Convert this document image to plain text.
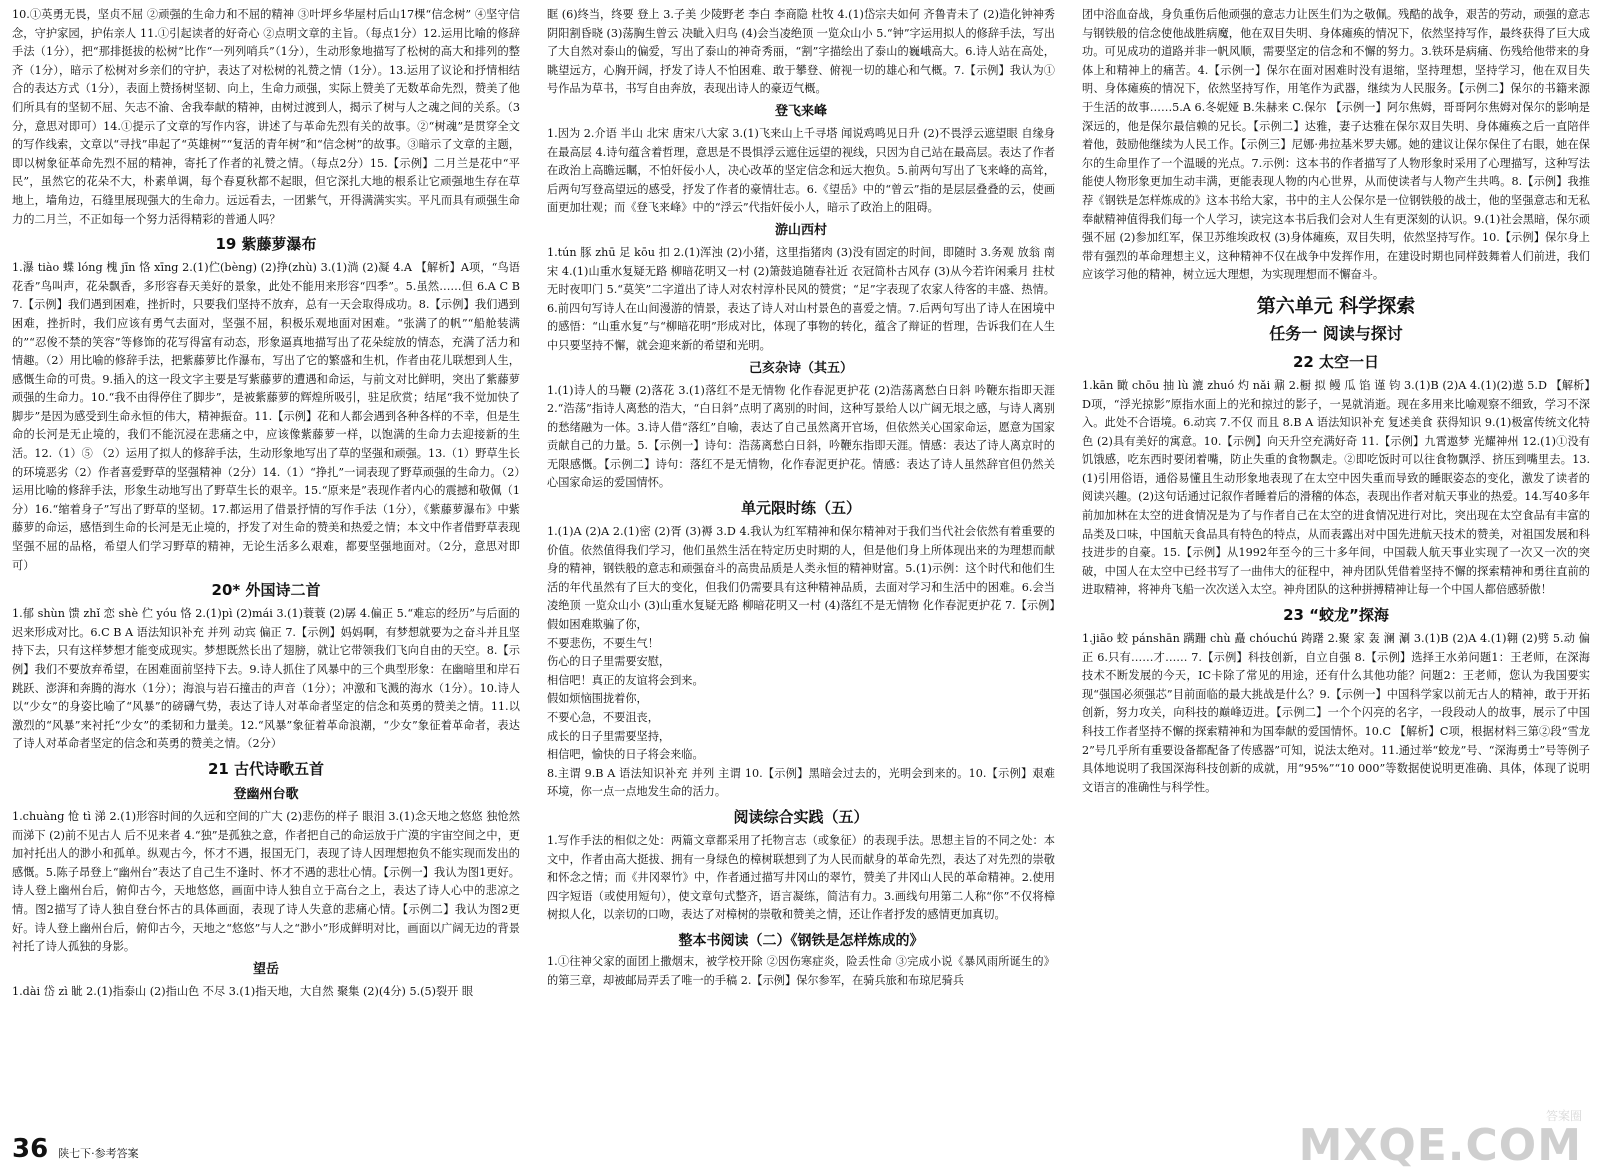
10.①英勇无畏，坚贞不屈 ②顽强的生命力和不屈的精神 ③叶坪乡华屋村后山17棵“信念树” ④坚守信念，守护家园，护佑亲人 11.①引起读者的好奇心 ②点明文章的主旨。（每点1分）12.运用比喻的修辞手法（1分），把“那排挺拔的松树”比作“一列列哨兵”（1分），生动形象地描写了松树的高大和排列的整齐（1分），暗示了松树对乡亲们的守护，表达了对松树的礼赞之情（1分）。13.运用了议论和抒情相结合的表达方式（1分），表面上赞扬树坚韧、向上，生命力顽强，实际上赞美了无数革命先烈，赞美了他们所具有的坚韧不屈、矢志不渝、舍我奉献的精神，由树过渡到人，揭示了树与人之魂之间的关系。（3分，意思对即可）14.①提示了文章的写作内容，讲述了与革命先烈有关的故事。②“树魂”是贯穿全文的写作线索，文章以“寻找”串起了“英雄树”“复活的青年树”和“信念树”的故事。③暗示了文章的主题，即以树象征革命先烈不屈的精神，寄托了作者的礼赞之情。（每点2分）15.【示例】二月兰是花中“平民”，虽然它的花朵不大，朴素单调，每个春夏秋都不起眼，但它深扎大地的根系让它顽强地生存在草地上，墙角边，石缝里展现强大的生命力。远远看去，一团紫气，开得满满实实。平凡而具有顽强生命力的二月兰，不正如每一个努力活得精彩的普通人吗？

19 紫藤萝瀑布

1.瀑 tiào 蝶 lóng 槐 jīn 恪 xīng 2.(1)伫(bèng) (2)挣(zhù) 3.(1)淌 (2)凝 4.A 【解析】A项，“鸟语花香”鸟叫声，花朵飘香，多形容春天美好的景象，此处不能用来形容“四季”。5.虽然……但 6.A C B 7.【示例】我们遇到困难，挫折时，只要我们坚持不放弃，总有一天会取得成功。8.【示例】我们遇到困难，挫折时，我们应该有勇气去面对，坚强不屈，积极乐观地面对困难。“张满了的帆”“船舱装满的”“忍俊不禁的笑容”等修饰的花写得富有动态，形象逼真地描写出了花朵绽放的情态，充满了活力和情趣。（2）用比喻的修辞手法，把紫藤萝比作瀑布，写出了它的繁盛和生机，作者由花儿联想到人生，感慨生命的可贵。9.插入的这一段文字主要是写紫藤萝的遭遇和命运，与前文对比鲜明，突出了紫藤萝顽强的生命力。10.“我不由得停住了脚步”，是被紫藤萝的辉煌所吸引，驻足欣赏；结尾“我不觉加快了脚步”是因为感受到生命永恒的伟大，精神振奋。11.【示例】花和人都会遇到各种各样的不幸，但是生命的长河是无止境的，我们不能沉浸在悲痛之中，应该像紫藤萝一样，以饱满的生命力去迎接新的生活。12.（1）⑤ （2）运用了拟人的修辞手法，生动形象地写出了草的坚强和顽强。13.（1）野草生长的环境恶劣（2）作者喜爱野草的坚强精神（2分）14.（1）“挣扎”一词表现了野草顽强的生命力。（2）运用比喻的修辞手法，形象生动地写出了野草生长的艰辛。15.“原来是”表现作者内心的震撼和敬佩（1分）16.“缩着身子”写出了野草的坚韧。17.都运用了借景抒情的写作手法（1分），《紫藤萝瀑布》中紫藤萝的命运，感悟到生命的长河是无止境的，抒发了对生命的赞美和热爱之情；本文中作者借野草表现坚强不屈的品格，希望人们学习野草的精神，无论生活多么艰难，都要坚强地面对。（2分，意思对即可）

20* 外国诗二首

1.郁 shùn 馈 zhǐ 恋 shè 伫 yóu 恪 2.(1)pì (2)mái 3.(1)蓑蓑 (2)孱 4.偏正 5.“难忘的经历”与后面的迟来形成对比。6.C B A 语法知识补充 并列 动宾 偏正 7.【示例】妈妈啊，有梦想就要为之奋斗并且坚持下去，只有这样梦想才能变成现实。梦想既然长出了翅膀，就让它带领我们飞向自由的天空。8.【示例】我们不要放弃希望，在困难面前坚持下去。9.诗人抓住了风暴中的三个典型形象：在幽暗里和岸石跳跃、澎湃和奔腾的海水（1分）；海浪与岩石撞击的声音（1分）；冲激和飞溅的海水（1分）。10.诗人以“少女”的身姿比喻了“风暴”的磅礴气势，表达了诗人对革命者坚定的信念和英勇的赞美之情。11.以激烈的“风暴”来衬托“少女”的柔韧和力量美。12.“风暴”象征着革命浪潮，“少女”象征着革命者，表达了诗人对革命者坚定的信念和英勇的赞美之情。（2分）

21 古代诗歌五首
登幽州台歌

1.chuàng 怆 tì 涕 2.(1)形容时间的久远和空间的广大 (2)悲伤的样子 眼泪 3.(1)念天地之悠悠 独怆然而涕下 (2)前不见古人 后不见来者 4.“独”是孤独之意，作者把自己的命运放于广漠的宇宙空间之中，更加衬托出人的渺小和孤单。纵观古今，怀才不遇，报国无门，表现了诗人因理想抱负不能实现而发出的感慨。5.陈子昂登上“幽州台”表达了自己生不逢时、怀才不遇的悲壮心情。【示例一】我认为图1更好。诗人登上幽州台后，俯仰古今，天地悠悠，画面中诗人独自立于高台之上，表达了诗人心中的悲凉之情。图2描写了诗人独自登台怀古的具体画面，表现了诗人失意的悲痛心情。【示例二】我认为图2更好。诗人登上幽州台后，俯仰古今，天地之“悠悠”与人之“渺小”形成鲜明对比，画面以广阔无边的背景衬托了诗人孤独的身影。

望岳

1.dài 岱 zì 眦 2.(1)指泰山 (2)指山色 不尽 3.(1)指天地，大自然 聚集 (2)(4分) 5.(5)裂开 眼

眶 (6)终当，终要 登上 3.子美 少陵野老 李白 李商隐 杜牧 4.(1)岱宗夫如何 齐鲁青未了 (2)造化钟神秀 阴阳割昏晓 (3)荡胸生曾云 决眦入归鸟 (4)会当凌绝顶 一览众山小 5.“钟”字运用拟人的修辞手法，写出了大自然对泰山的偏爱，写出了泰山的神奇秀丽，“割”字描绘出了泰山的巍峨高大。6.诗人站在高处，眺望远方，心胸开阔，抒发了诗人不怕困难、敢于攀登、俯视一切的雄心和气概。7.【示例】我认为①号作品为草书，书写自由奔放，表现出诗人的豪迈气概。

登飞来峰

1.因为 2.介语 半山 北宋 唐宋八大家 3.(1)飞来山上千寻塔 闻说鸡鸣见日升 (2)不畏浮云遮望眼 自缘身在最高层 4.诗句蕴含着哲理，意思是不畏惧浮云遮住远望的视线，只因为自己站在最高层。表达了作者在政治上高瞻远瞩，不怕奸佞小人，决心改革的坚定信念和远大抱负。5.前两句写出了飞来峰的高耸，后两句写登高望远的感受，抒发了作者的豪情壮志。6.《望岳》中的“曾云”指的是层层叠叠的云，使画面更加壮观；而《登飞来峰》中的“浮云”代指奸佞小人，暗示了政治上的阻碍。

游山西村

1.tún 豚 zhū 足 kōu 扣 2.(1)浑浊 (2)小猪，这里指猪肉 (3)没有固定的时间，即随时 3.务观 放翁 南宋 4.(1)山重水复疑无路 柳暗花明又一村 (2)箫鼓追随春社近 衣冠简朴古风存 (3)从今若许闲乘月 拄杖无时夜叩门 5.“莫笑”二字道出了诗人对农村淳朴民风的赞赏；“足”字表现了农家人待客的丰盛、热情。6.前四句写诗人在山间漫游的情景，表达了诗人对山村景色的喜爱之情。7.后两句写出了诗人在困境中的感悟：“山重水复”与“柳暗花明”形成对比，体现了事物的转化，蕴含了辩证的哲理，告诉我们在人生中只要坚持不懈，就会迎来新的希望和光明。

己亥杂诗（其五）

1.(1)诗人的马鞭 (2)落花 3.(1)落红不是无情物 化作春泥更护花 (2)浩荡离愁白日斜 吟鞭东指即天涯 2.“浩荡”指诗人离愁的浩大，“白日斜”点明了离别的时间，这种写景给人以广阔无垠之感，与诗人离别的愁绪融为一体。3.诗人借“落红”自喻，表达了自己虽然离开官场，但依然关心国家命运，愿意为国家贡献自己的力量。5.【示例一】诗句：浩荡离愁白日斜，吟鞭东指即天涯。情感：表达了诗人离京时的无限感慨。【示例二】诗句：落红不是无情物，化作春泥更护花。情感：表达了诗人虽然辞官但仍然关心国家命运的爱国情怀。

单元限时练（五）

1.(1)A (2)A 2.(1)密 (2)胥 (3)褥 3.D 4.我认为红军精神和保尔精神对于我们当代社会依然有着重要的价值。依然值得我们学习，他们虽然生活在特定历史时期的人，但是他们身上所体现出来的为理想而献身的精神，钢铁般的意志和顽强奋斗的高贵品质是人类永恒的精神财富。5.(1)示例：这个时代和他们生活的年代虽然有了巨大的变化，但我们仍需要具有这种精神品质，去面对学习和生活中的困难。6.会当凌绝顶 一览众山小 (3)山重水复疑无路 柳暗花明又一村 (4)落红不是无情物 化作春泥更护花 7.【示例】假如困难欺骗了你，

不要悲伤，不要生气！
伤心的日子里需要安慰，
相信吧！真正的友谊将会到来。
假如烦恼围拢着你，
不要心急，不要沮丧，
成长的日子里需要坚持，
相信吧，愉快的日子将会来临。

8.主谓 9.B A 语法知识补充 并列 主谓 10.【示例】黑暗会过去的，光明会到来的。10.【示例】艰难环境，你一点一点地发生命的活力。

阅读综合实践（五）

1.写作手法的相似之处：两篇文章都采用了托物言志（或象征）的表现手法。思想主旨的不同之处：本文中，作者由高大挺拔、拥有一身绿色的樟树联想到了为人民而献身的革命先烈，表达了对先烈的崇敬和怀念之情；而《井冈翠竹》中，作者通过描写井冈山的翠竹，赞美了井冈山人民的革命精神。2.使用四字短语（或使用短句），使文章句式整齐，语言凝练，简洁有力。3.画线句用第二人称“你”不仅将樟树拟人化，以亲切的口吻，表达了对樟树的崇敬和赞美之情，还让作者抒发的感情更加真切。

整本书阅读（二）《钢铁是怎样炼成的》

1.①往神父家的面团上撒烟末，被学校开除 ②因伤寒症炎，险丢性命 ③完成小说《暴风雨所诞生的》的第三章，却被邮局弄丢了唯一的手稿 2.【示例】保尔参军，在骑兵旅和布琼尼骑兵

团中浴血奋战，身负重伤后他顽强的意志力让医生们为之敬佩。残酷的战争，艰苦的劳动，顽强的意志与钢铁般的信念使他战胜病魔，他在双目失明、身体瘫痪的情况下，依然坚持写作，最终获得了巨大成功。可见成功的道路并非一帆风顺，需要坚定的信念和不懈的努力。3.铁环是病痛、伤残给他带来的身体上和精神上的痛苦。4.【示例一】保尔在面对困难时没有退缩，坚持理想，坚持学习，他在双目失明、身体瘫痪的情况下，依然坚持写作，用笔作为武器，继续为人民服务。【示例二】保尔的书籍来源于生活的故事……5.A 6.冬妮娅 B.朱赫来 C.保尔 【示例一】阿尔焦姆，哥哥阿尔焦姆对保尔的影响是深远的，他是保尔最信赖的兄长。【示例二】达雅，妻子达雅在保尔双目失明、身体瘫痪之后一直陪伴着他，鼓励他继续为人民工作。【示例三】尼娜·弗拉基米罗夫娜。她的建议让保尔保住了右眼，她在保尔的生命里作了一个温暖的光点。7.示例：这本书的作者描写了人物形象时采用了心理描写，这种写法能使人物形象更加生动丰满，更能表现人物的内心世界，从而使读者与人物产生共鸣。8.【示例】我推荐《钢铁是怎样炼成的》这本书给大家，书中的主人公保尔是一位钢铁般的战士，他的坚强意志和无私奉献精神值得我们每一个人学习，读完这本书后我们会对人生有更深刻的认识。9.(1)社会黑暗，保尔顽强不屈 (2)参加红军，保卫苏维埃政权 (3)身体瘫痪，双目失明，依然坚持写作。10.【示例】保尔身上带有强烈的革命理想主义，这种精神不仅在战争中发挥作用，在建设时期也同样鼓舞着人们前进，我们应该学习他的精神，树立远大理想，为实现理想而不懈奋斗。

第六单元 科学探索
任务一 阅读与探讨
22 太空一日

1.kān 瞰 chōu 抽 lù 漉 zhuó 灼 nǎi 鼐 2.橱 拟 鳗 瓜 馅 谨 钧 3.(1)B (2)A 4.(1)(2)遨 5.D 【解析】D项，“浮光掠影”原指水面上的光和掠过的影子，一晃就消逝。现在多用来比喻观察不细致，学习不深入。此处不合语境。6.动宾 7.不仅 而且 8.B A 语法知识补充 复述美食 获得知识 9.(1)极富传统文化特色 (2)具有美好的寓意。10.【示例】向天升空充满好奇 11.【示例】九霄遨梦 光耀神州 12.(1)①没有饥饿感，吃东西时要闭着嘴，防止失重的食物飘走。②即吃饭时可以往食物飘浮、挤压到嘴里去。13.(1)引用俗语，通俗易懂且生动形象地表现了在太空中因失重而导致的睡眠姿态的变化，激发了读者的阅读兴趣。(2)这句话通过记叙作者睡着后的滑稽的体态，表现出作者对航天事业的热爱。14.写40多年前加加林在太空的进食情况是为了与作者自己在太空的进食情况进行对比，突出现在太空食品有丰富的品类及口味，中国航天食品具有特色的特点，从而表露出对中国先进航天技术的赞美，对祖国发展和科技进步的自豪。15.【示例】从1992年至今的三十多年间，中国载人航天事业实现了一次又一次的突破，中国人在太空中已经书写了一曲伟大的征程中，神舟团队凭借着坚持不懈的探索精神和勇往直前的进取精神，将神舟飞船一次次送入太空。神舟团队的这种拼搏精神让每一个中国人都倍感骄傲！

23 “蛟龙”探海

1.jiāo 蛟 pánshān 蹒跚 chù 矗 chóuchú 踌躇 2.聚 家 轰 澜 涮 3.(1)B (2)A 4.(1)翱 (2)劈 5.动 偏正 6.只有……才…… 7.【示例】科技创新，自立自强 8.【示例】选择王水弟问题1：王老师，在深海技术不断发展的今天，IC卡除了常见的用途，还有什么其他功能？问题2：王老师，您认为我国要实现“强国必须强芯”目前面临的最大挑战是什么？9.【示例一】中国科学家以前无古人的精神，敢于开拓创新，努力攻关，向科技的巅峰迈进。【示例二】一个个闪亮的名字，一段段动人的故事，展示了中国科技工作者坚持不懈的探索精神和为国奉献的爱国情怀。10.C 【解析】C项，根据材料三第②段“雪龙2”号几乎所有重要设备都配备了传感器”可知，说法太绝对。11.通过举“蛟龙”号、“深海勇士”号等例子具体地说明了我国深海科技创新的成就，用“95%”“10 000”等数据使说明更准确、具体，体现了说明文语言的准确性与科学性。

36 陕七下·参考答案
答案圈
MXQE.COM
